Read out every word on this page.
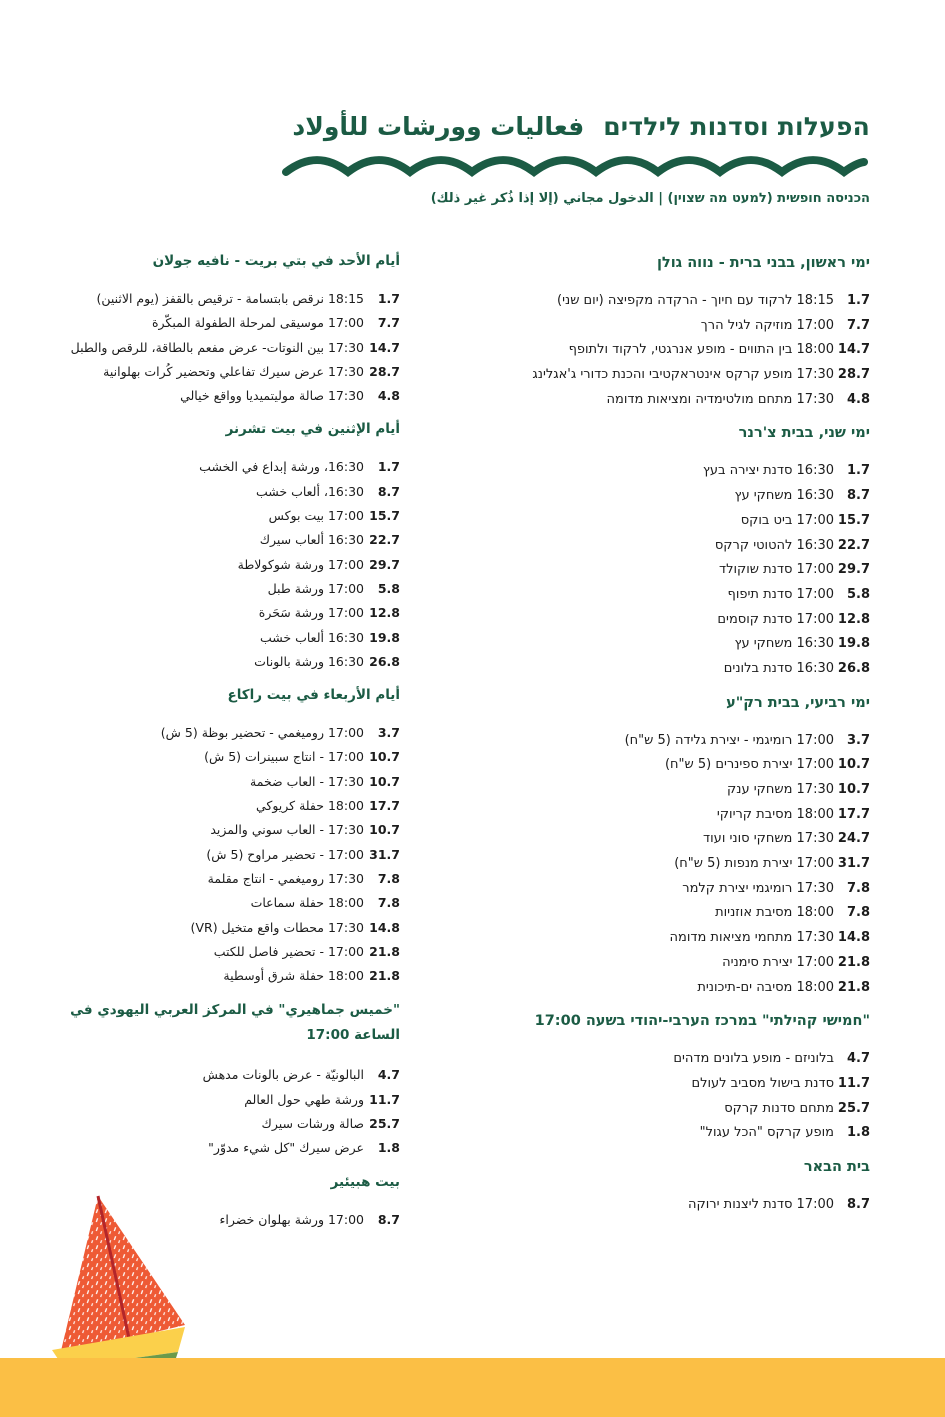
הפעלות וסדנות לילדים فعاليات وورشات للأولاد
הכניסה חופשית (למעט מה שצוין) | الدخول مجاني (إلا إذا ذُكر غير ذلك)
ימי ראשון, בבני ברית - נווה גולן
1.7
18:15 לרקוד עם חיוך - הרקדה מקפיצה (יום שני)
7.7
17:00 מוזיקה לגיל הרך
14.7
18:00 בין התווים - מופע אנרגטי, לרקוד ולתופף
28.7
17:30 מופע קרקס אינטראקטיבי והכנת כדורי ג'אגלינג
4.8
17:30 מתחם מולטימדיה ומציאות מדומה
ימי שני, בבית צ'רנר
1.7
16:30 סדנת יצירה בעץ
8.7
16:30 משחקי עץ
15.7
17:00 ביט בוקס
22.7
16:30 להטוטי קרקס
29.7
17:00 סדנת שוקולד
5.8
17:00 סדנת תיפוף
12.8
17:00 סדנת קוסמים
19.8
16:30 משחקי עץ
26.8
16:30 סדנת בלונים
ימי רביעי, בבית רק"ע
3.7
17:00 רומיגמי - יצירת גלידה (5 ש"ח)
10.7
17:00 יצירת ספינרים (5 ש"ח)
10.7
17:30 משחקי ענק
17.7
18:00 מסיבת קריוקי
24.7
17:30 משחקי סוני ועוד
31.7
17:00 יצירת מנפות (5 ש"ח)
7.8
17:30 רומיגמי יצירת קלמר
7.8
18:00 מסיבת אוזניות
14.8
17:30 מתחמי מציאות מדומה
21.8
17:00 יצירת סימניה
21.8
18:00 מסיבה ים-תיכונית
"חמישי קהילתי" במרכז הערבי-יהודי בשעה 17:00
4.7
בלוניזם - מופע בלונים מדהים
11.7
סדנת בישול מסביב לעולם
25.7
מתחם סדנות קרקס
1.8
מופע קרקס "הכל עגול"
בית הבאר
8.7
17:00 סדנת ליצנות ירוקה
أيام الأحد في بتي بريت - نافيه جولان
1.7
18:15 نرقص بابتسامة - ترقيص بالقفز (يوم الاثنين)
7.7
17:00 موسيقى لمرحلة الطفولة المبكّرة
14.7
17:30 بين النوتات- عرض مفعم بالطاقة، للرقص والطبل
28.7
17:30 عرض سيرك تفاعلي وتحضير كُرات بهلوانية
4.8
17:30 صالة موليتميديا وواقع خيالي
أيام الإثنين في بيت تشرنر
1.7
16:30، ورشة إبداع في الخشب
8.7
16:30، ألعاب خشب
15.7
17:00 بيت بوكس
22.7
16:30 ألعاب سيرك
29.7
17:00 ورشة شوكولاطة
5.8
17:00 ورشة طبل
12.8
17:00 ورشة سَحَرة
19.8
16:30 ألعاب خشب
26.8
16:30 ورشة بالونات
أيام الأربعاء في بيت راكاع
3.7
17:00 روميغمي - تحضير بوظة (5 ش)
10.7
17:00 - انتاج سبينرات (5 ش)
10.7
17:30 - العاب ضخمة
17.7
18:00 حفلة كريوكي
10.7
17:30 - العاب سوني والمزيد
31.7
17:00 - تحضير مراوح (5 ش)
7.8
17:30 روميغمي - انتاج مقلمة
7.8
18:00 حفلة سماعات
14.8
17:30 محطات واقع متخيل (VR)
21.8
17:00 - تحضير فاصل للكتب
21.8
18:00 حفلة شرق أوسطية
"خميس جماهيري" في المركز العربي اليهودي في الساعة 17:00
4.7
البالونيّة - عرض بالونات مدهش
11.7
ورشة طهي حول العالم
25.7
صالة ورشات سيرك
1.8
عرض سيرك "كل شيء مدوّر"
بيت هبيئير
8.7
17:00 ورشة بهلوان خضراء
